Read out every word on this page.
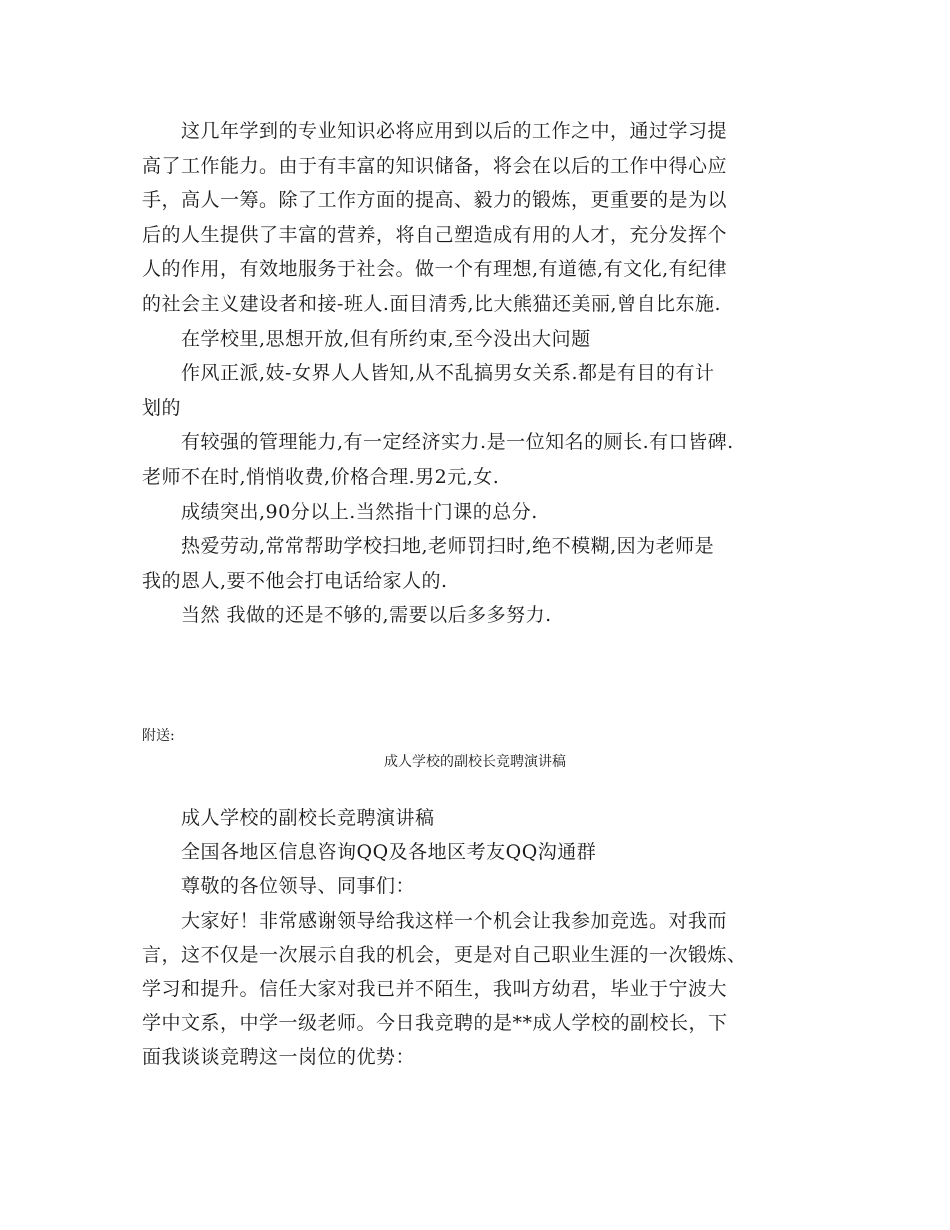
　　这几年学到的专业知识必将应用到以后的工作之中，通过学习提

高了工作能力。由于有丰富的知识储备，将会在以后的工作中得心应

手，高人一筹。除了工作方面的提高、毅力的锻炼，更重要的是为以

后的人生提供了丰富的营养，将自己塑造成有用的人才，充分发挥个

人的作用，有效地服务于社会。做一个有理想,有道德,有文化,有纪律

的社会主义建设者和接-班人.面目清秀,比大熊猫还美丽,曾自比东施.

　　在学校里,思想开放,但有所约束,至今没出大问题

　　作风正派,妓-女界人人皆知,从不乱搞男女关系.都是有目的有计

划的

　　有较强的管理能力,有一定经济实力.是一位知名的厕长.有口皆碑.

老师不在时,悄悄收费,价格合理.男2元,女.

　　成绩突出,90分以上.当然指十门课的总分.

　　热爱劳动,常常帮助学校扫地,老师罚扫时,绝不模糊,因为老师是

我的恩人,要不他会打电话给家人的.

　　当然 我做的还是不够的,需要以后多多努力.

附送:
成人学校的副校长竞聘演讲稿

　　成人学校的副校长竞聘演讲稿

　　全国各地区信息咨询QQ及各地区考友QQ沟通群

　　尊敬的各位领导、同事们：

　　大家好！非常感谢领导给我这样一个机会让我参加竞选。对我而

言，这不仅是一次展示自我的机会，更是对自己职业生涯的一次锻炼、

学习和提升。信任大家对我已并不陌生，我叫方幼君，毕业于宁波大

学中文系，中学一级老师。今日我竞聘的是**成人学校的副校长，下

面我谈谈竞聘这一岗位的优势：
